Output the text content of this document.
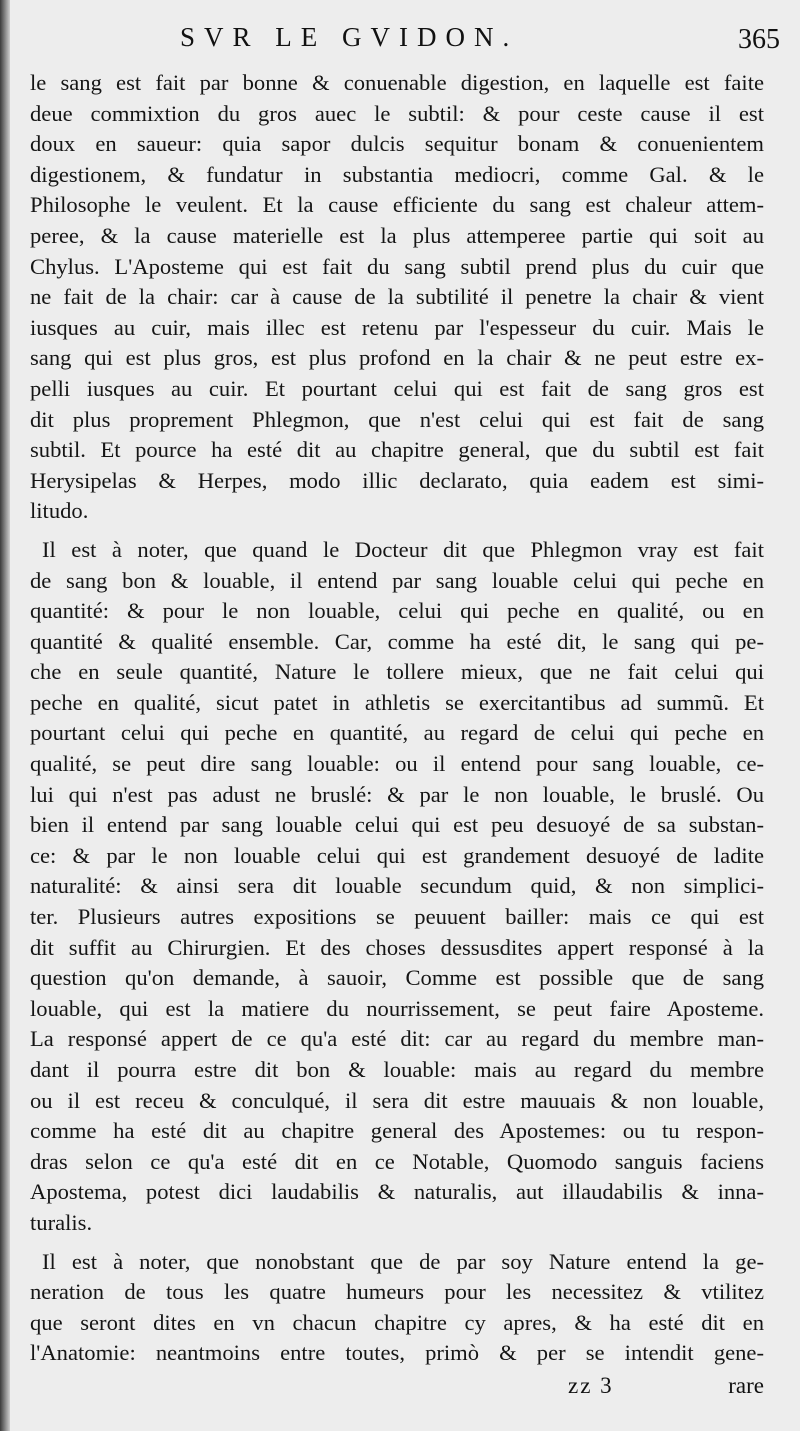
SVR LE GVIDON.	365
le sang est fait par bonne & conuenable digestion, en laquelle est faite
deue commixtion du gros auec le subtil: & pour ceste cause il est
doux en saueur: quia sapor dulcis sequitur bonam & conuenientem
digestionem, & fundatur in substantia mediocri, comme Gal. & le
Philosophe le veulent. Et la cause efficiente du sang est chaleur attem-
peree, & la cause materielle est la plus attemperee partie qui soit au
Chylus. L'Aposteme qui est fait du sang subtil prend plus du cuir que
ne fait de la chair: car à cause de la subtilité il penetre la chair & vient
iusques au cuir, mais illec est retenu par l'espesseur du cuir. Mais le
sang qui est plus gros, est plus profond en la chair & ne peut estre ex-
pelli iusques au cuir. Et pourtant celui qui est fait de sang gros est
dit plus proprement Phlegmon, que n'est celui qui est fait de sang
subtil. Et pource ha esté dit au chapitre general, que du subtil est fait
Herysipelas & Herpes, modo illic declarato, quia eadem est simi-
litudo.
Il est à noter, que quand le Docteur dit que Phlegmon vray est fait
de sang bon & louable, il entend par sang louable celui qui peche en
quantité: & pour le non louable, celui qui peche en qualité, ou en
quantité & qualité ensemble. Car, comme ha esté dit, le sang qui pe-
che en seule quantité, Nature le tollere mieux, que ne fait celui qui
peche en qualité, sicut patet in athletis se exercitantibus ad summũ. Et
pourtant celui qui peche en quantité, au regard de celui qui peche en
qualité, se peut dire sang louable: ou il entend pour sang louable, ce-
lui qui n'est pas adust ne bruslé: & par le non louable, le bruslé. Ou
bien il entend par sang louable celui qui est peu desuoyé de sa substan-
ce: & par le non louable celui qui est grandement desuoyé de ladite
naturalité: & ainsi sera dit louable secundum quid, & non simplici-
ter. Plusieurs autres expositions se peuuent bailler: mais ce qui est
dit suffit au Chirurgien. Et des choses dessusdites appert responsé à la
question qu'on demande, à sauoir, Comme est possible que de sang
louable, qui est la matiere du nourrissement, se peut faire Aposteme.
La responsé appert de ce qu'a esté dit: car au regard du membre man-
dant il pourra estre dit bon & louable: mais au regard du membre
ou il est receu & conculqué, il sera dit estre mauuais & non louable,
comme ha esté dit au chapitre general des Apostemes: ou tu respon-
dras selon ce qu'a esté dit en ce Notable, Quomodo sanguis faciens
Apostema, potest dici laudabilis & naturalis, aut illaudabilis & inna-
turalis.
Il est à noter, que nonobstant que de par soy Nature entend la ge-
neration de tous les quatre humeurs pour les necessitez & vtilitez
que seront dites en vn chacun chapitre cy apres, & ha esté dit en
l'Anatomie: neantmoins entre toutes, primò & per se intendit gene-
zz 3	rare
